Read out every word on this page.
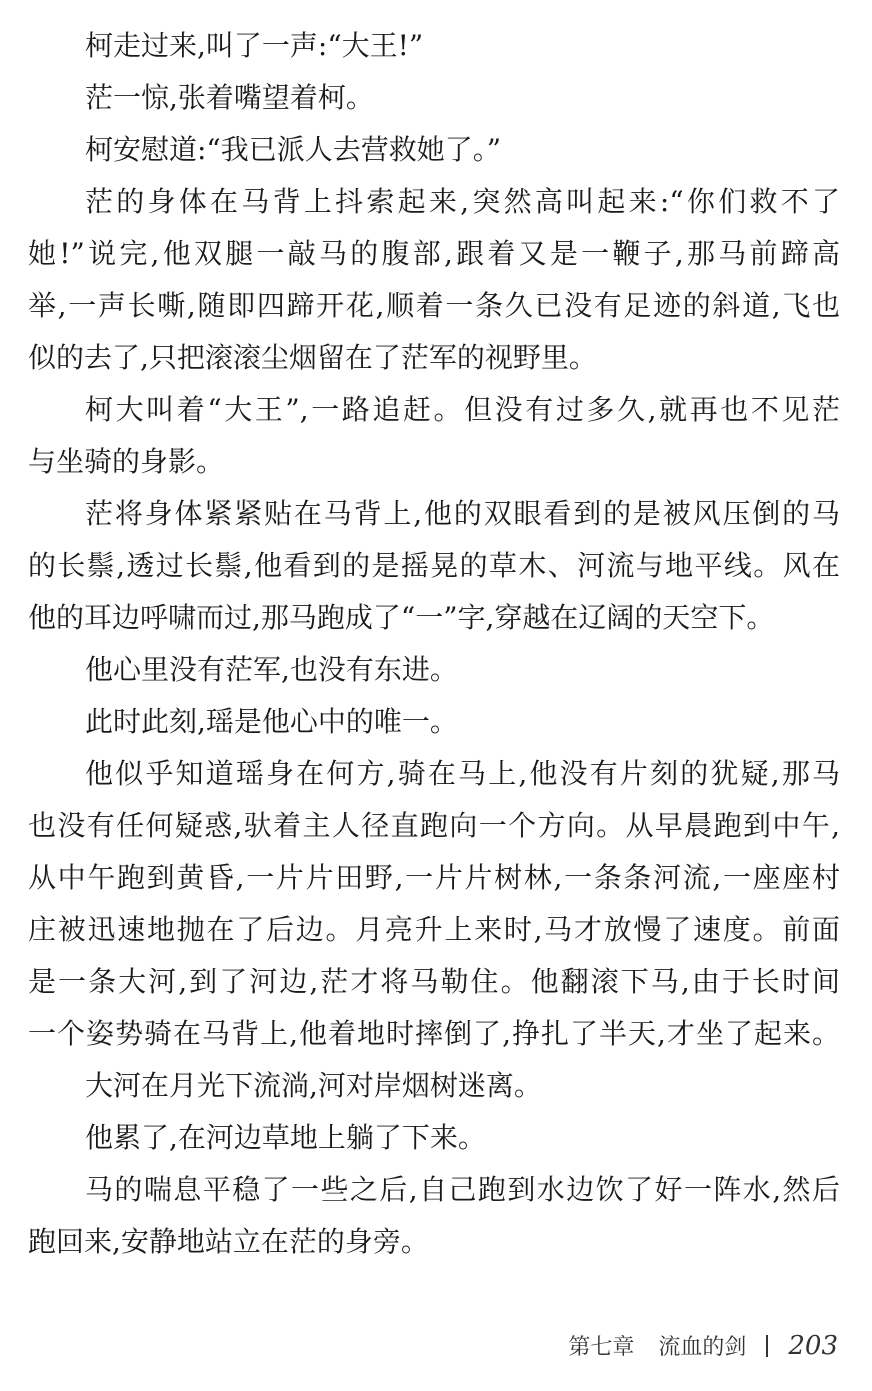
柯走过来,叫了一声:“大王!”
茫一惊,张着嘴望着柯。
柯安慰道:“我已派人去营救她了。”
茫的身体在马背上抖索起来,突然高叫起来:“你们救不了
她!”说完,他双腿一敲马的腹部,跟着又是一鞭子,那马前蹄高
举,一声长嘶,随即四蹄开花,顺着一条久已没有足迹的斜道,飞也
似的去了,只把滚滚尘烟留在了茫军的视野里。
柯大叫着“大王”,一路追赶。但没有过多久,就再也不见茫
与坐骑的身影。
茫将身体紧紧贴在马背上,他的双眼看到的是被风压倒的马
的长鬃,透过长鬃,他看到的是摇晃的草木、河流与地平线。风在
他的耳边呼啸而过,那马跑成了“一”字,穿越在辽阔的天空下。
他心里没有茫军,也没有东进。
此时此刻,瑶是他心中的唯一。
他似乎知道瑶身在何方,骑在马上,他没有片刻的犹疑,那马
也没有任何疑惑,驮着主人径直跑向一个方向。从早晨跑到中午,
从中午跑到黄昏,一片片田野,一片片树林,一条条河流,一座座村
庄被迅速地抛在了后边。月亮升上来时,马才放慢了速度。前面
是一条大河,到了河边,茫才将马勒住。他翻滚下马,由于长时间
一个姿势骑在马背上,他着地时摔倒了,挣扎了半天,才坐了起来。
大河在月光下流淌,河对岸烟树迷离。
他累了,在河边草地上躺了下来。
马的喘息平稳了一些之后,自己跑到水边饮了好一阵水,然后
跑回来,安静地站立在茫的身旁。
第七章 流血的剑 203
